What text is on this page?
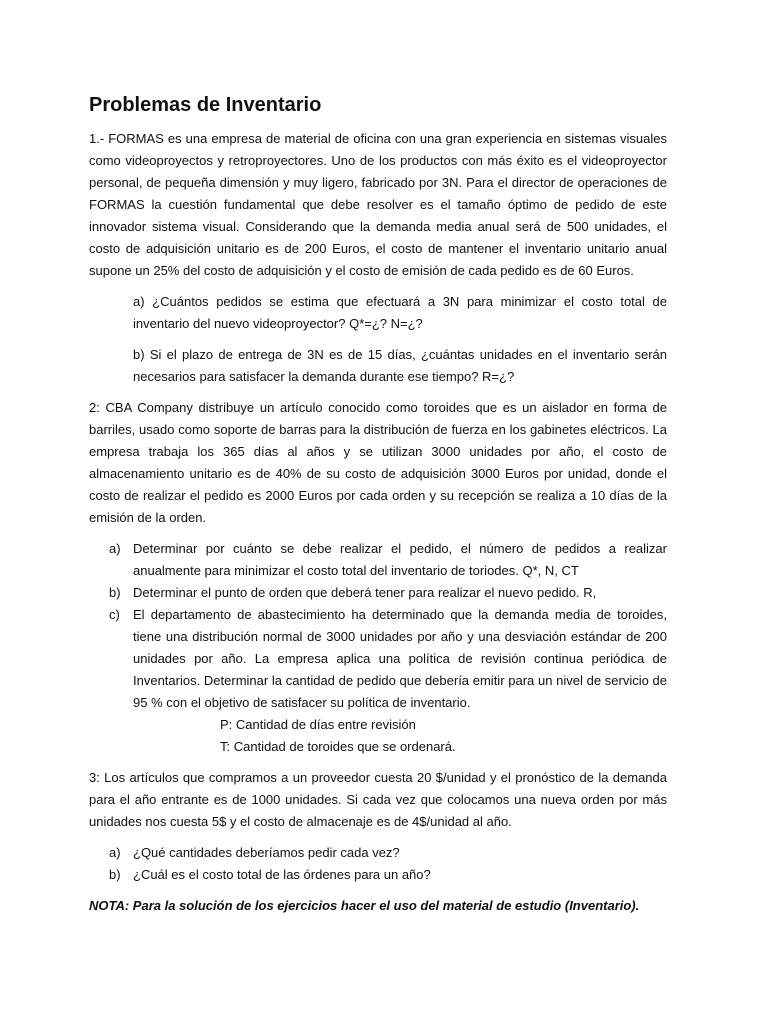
Problemas de Inventario

1.- FORMAS es una empresa de material de oficina con una gran experiencia en sistemas visuales como videoproyectos y retroproyectores. Uno de los productos con más éxito es el videoproyector personal, de pequeña dimensión y muy ligero, fabricado por 3N. Para el director de operaciones de FORMAS la cuestión fundamental que debe resolver es el tamaño óptimo de pedido de este innovador sistema visual. Considerando que la demanda media anual será de 500 unidades, el costo de adquisición unitario es de 200 Euros, el costo de mantener el inventario unitario anual supone un 25% del costo de adquisición y el costo de emisión de cada pedido es de 60 Euros.

a) ¿Cuántos pedidos se estima que efectuará a 3N para minimizar el costo total de inventario del nuevo videoproyector? Q*=¿? N=¿?

b) Si el plazo de entrega de 3N es de 15 días, ¿cuántas unidades en el inventario serán necesarios para satisfacer la demanda durante ese tiempo? R=¿?

2: CBA Company distribuye un artículo conocido como toroides que es un aislador en forma de barriles, usado como soporte de barras para la distribución de fuerza en los gabinetes eléctricos. La empresa trabaja los 365 días al años y se utilizan 3000 unidades por año, el costo de almacenamiento unitario es de 40% de su costo de adquisición 3000 Euros por unidad, donde el costo de realizar el pedido es 2000 Euros por cada orden y su recepción se realiza a 10 días de la emisión de la orden.

a) Determinar por cuánto se debe realizar el pedido, el número de pedidos a realizar anualmente para minimizar el costo total del inventario de toriodes. Q*, N, CT
b) Determinar el punto de orden que deberá tener para realizar el nuevo pedido. R,
c) El departamento de abastecimiento ha determinado que la demanda media de toroides, tiene una distribución normal de 3000 unidades por año y una desviación estándar de 200 unidades por año. La empresa aplica una política de revisión continua periódica de Inventarios. Determinar la cantidad de pedido que debería emitir para un nivel de servicio de 95 % con el objetivo de satisfacer su política de inventario.
P: Cantidad de días entre revisión
T: Cantidad de toroides que se ordenará.

3: Los artículos que compramos a un proveedor cuesta 20 $/unidad y el pronóstico de la demanda para el año entrante es de 1000 unidades. Si cada vez que colocamos una nueva orden por más unidades nos cuesta 5$ y el costo de almacenaje es de 4$/unidad al año.

a) ¿Qué cantidades deberíamos pedir cada vez?
b) ¿Cuál es el costo total de las órdenes para un año?

NOTA: Para la solución de los ejercicios hacer el uso del material de estudio (Inventario).
